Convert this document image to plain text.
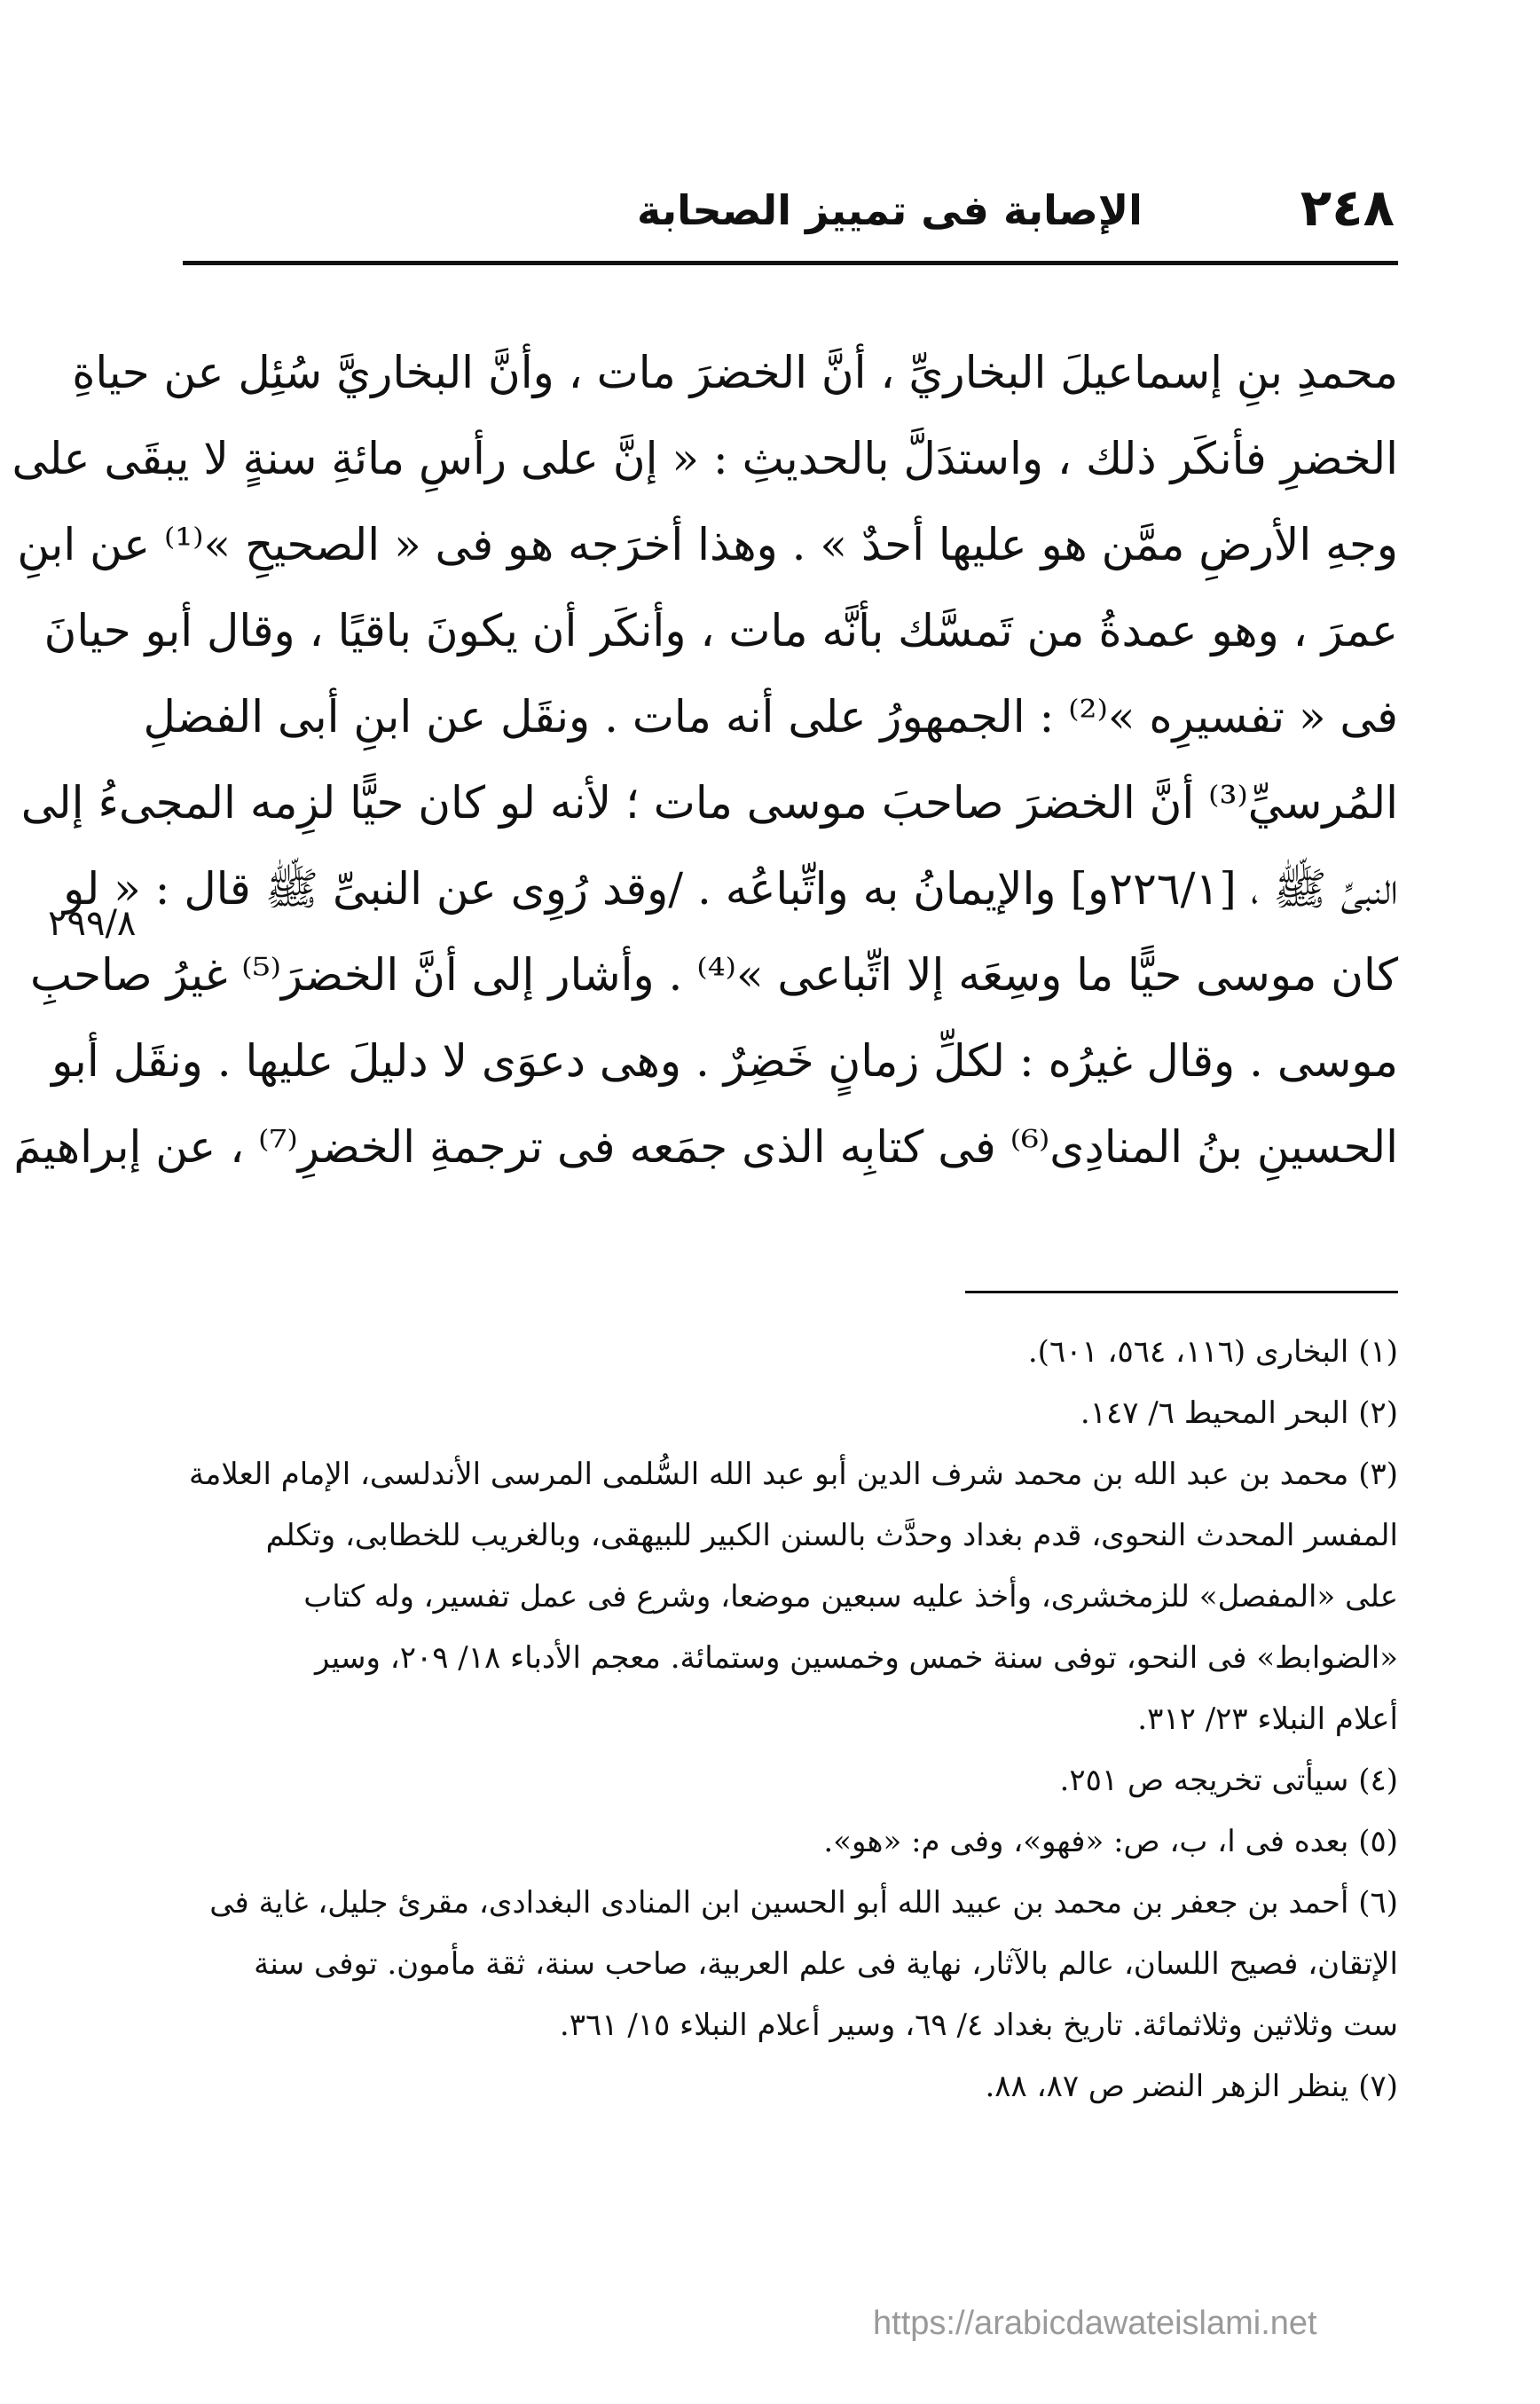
٢٤٨
الإصابة فى تمييز الصحابة
٢٩٩/٨
محمدِ بنِ إسماعيلَ البخاريِّ ، أنَّ الخضرَ مات ، وأنَّ البخاريَّ سُئِل عن حياةِ
الخضرِ فأنكَر ذلك ، واستدَلَّ بالحديثِ : « إنَّ على رأسِ مائةِ سنةٍ لا يبقَى على
وجهِ الأرضِ ممَّن هو عليها أحدٌ » . وهذا أخرَجه هو فى « الصحيحِ »⁽¹⁾ عن ابنِ
عمرَ ، وهو عمدةُ من تَمسَّك بأنَّه مات ، وأنكَر أن يكونَ باقيًا ، وقال أبو حيانَ
فى « تفسيرِه »⁽²⁾ : الجمهورُ على أنه مات . ونقَل عن ابنِ أبى الفضلِ
المُرسيِّ⁽³⁾ أنَّ الخضرَ صاحبَ موسى مات ؛ لأنه لو كان حيًّا لزِمه المجىءُ إلى
النبىِّ ﷺ ، [٢٢٦/١و] والإيمانُ به واتِّباعُه . /وقد رُوِى عن النبىِّ ﷺ قال : « لو
كان موسى حيًّا ما وسِعَه إلا اتِّباعى »⁽⁴⁾ . وأشار إلى أنَّ الخضرَ⁽⁵⁾ غيرُ صاحبِ
موسى . وقال غيرُه : لكلِّ زمانٍ خَضِرٌ . وهى دعوَى لا دليلَ عليها . ونقَل أبو
الحسينِ بنُ المنادِى⁽⁶⁾ فى كتابِه الذى جمَعه فى ترجمةِ الخضرِ⁽⁷⁾ ، عن إبراهيمَ
(١) البخارى (١١٦، ٥٦٤، ٦٠١).
(٢) البحر المحيط ٦/ ١٤٧.
(٣) محمد بن عبد الله بن محمد شرف الدين أبو عبد الله السُّلمى المرسى الأندلسى، الإمام العلامة
المفسر المحدث النحوى، قدم بغداد وحدَّث بالسنن الكبير للبيهقى، وبالغريب للخطابى، وتكلم
على «المفصل» للزمخشرى، وأخذ عليه سبعين موضعا، وشرع فى عمل تفسير، وله كتاب
«الضوابط» فى النحو، توفى سنة خمس وخمسين وستمائة. معجم الأدباء ١٨/ ٢٠٩، وسير
أعلام النبلاء ٢٣/ ٣١٢.
(٤) سيأتى تخريجه ص ٢٥١.
(٥) بعده فى ا، ب، ص: «فهو»، وفى م: «هو».
(٦) أحمد بن جعفر بن محمد بن عبيد الله أبو الحسين ابن المنادى البغدادى، مقرئ جليل، غاية فى
الإتقان، فصيح اللسان، عالم بالآثار، نهاية فى علم العربية، صاحب سنة، ثقة مأمون. توفى سنة
ست وثلاثين وثلاثمائة. تاريخ بغداد ٤/ ٦٩، وسير أعلام النبلاء ١٥/ ٣٦١.
(٧) ينظر الزهر النضر ص ٨٧، ٨٨.
https://arabicdawateislami.net
